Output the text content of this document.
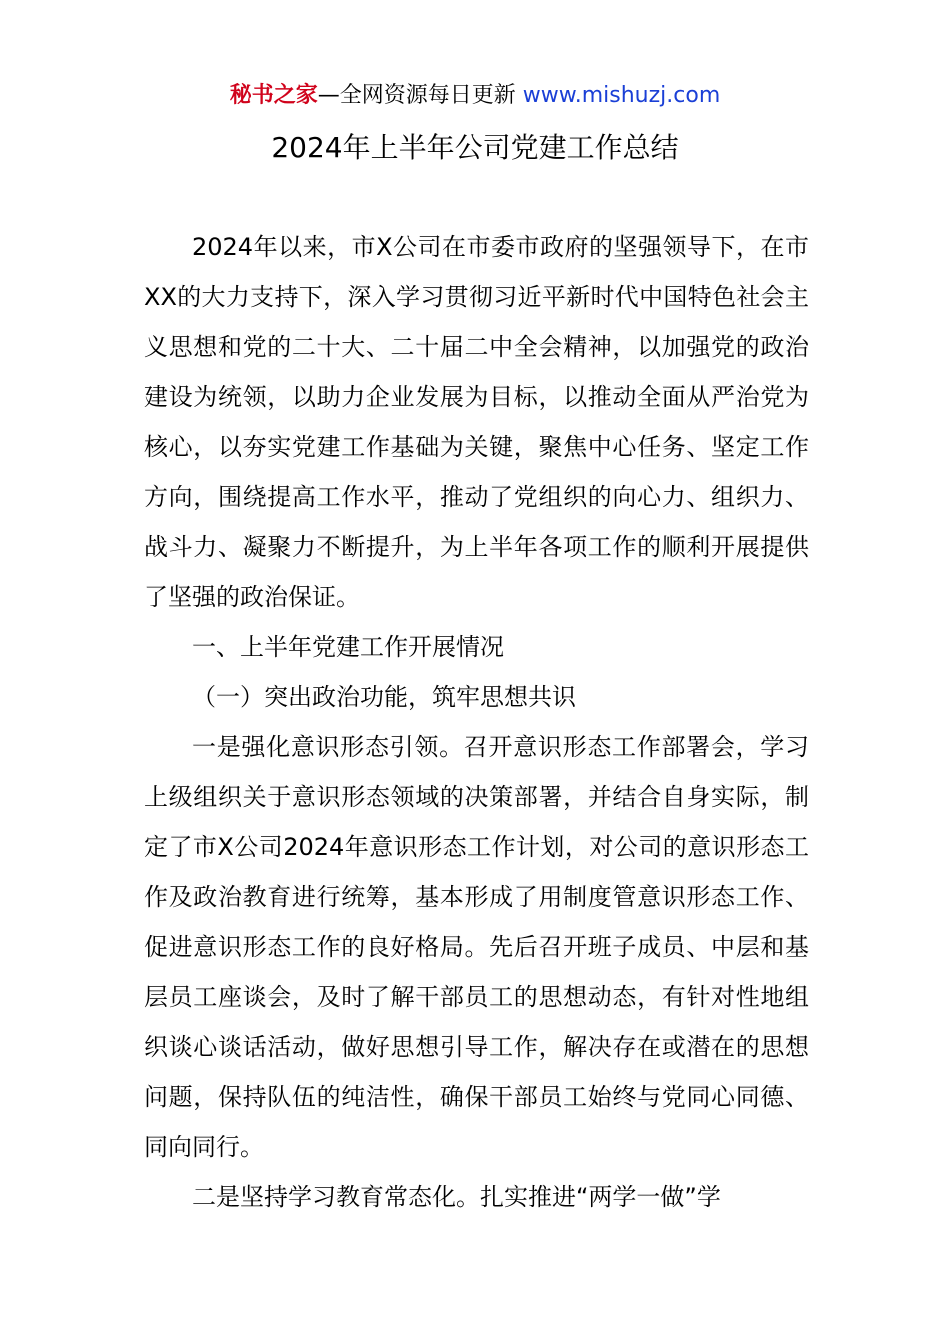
秘书之家—全网资源每日更新 www.mishuzj.com
2024年上半年公司党建工作总结

2024年以来，市X公司在市委市政府的坚强领导下，在市XX的大力支持下，深入学习贯彻习近平新时代中国特色社会主义思想和党的二十大、二十届二中全会精神，以加强党的政治建设为统领，以助力企业发展为目标，以推动全面从严治党为核心，以夯实党建工作基础为关键，聚焦中心任务、坚定工作方向，围绕提高工作水平，推动了党组织的向心力、组织力、战斗力、凝聚力不断提升，为上半年各项工作的顺利开展提供了坚强的政治保证。

一、上半年党建工作开展情况

（一）突出政治功能，筑牢思想共识

一是强化意识形态引领。召开意识形态工作部署会，学习上级组织关于意识形态领域的决策部署，并结合自身实际，制定了市X公司2024年意识形态工作计划，对公司的意识形态工作及政治教育进行统筹，基本形成了用制度管意识形态工作、促进意识形态工作的良好格局。先后召开班子成员、中层和基层员工座谈会，及时了解干部员工的思想动态，有针对性地组织谈心谈话活动，做好思想引导工作，解决存在或潜在的思想问题，保持队伍的纯洁性，确保干部员工始终与党同心同德、同向同行。

二是坚持学习教育常态化。扎实推进“两学一做”学
